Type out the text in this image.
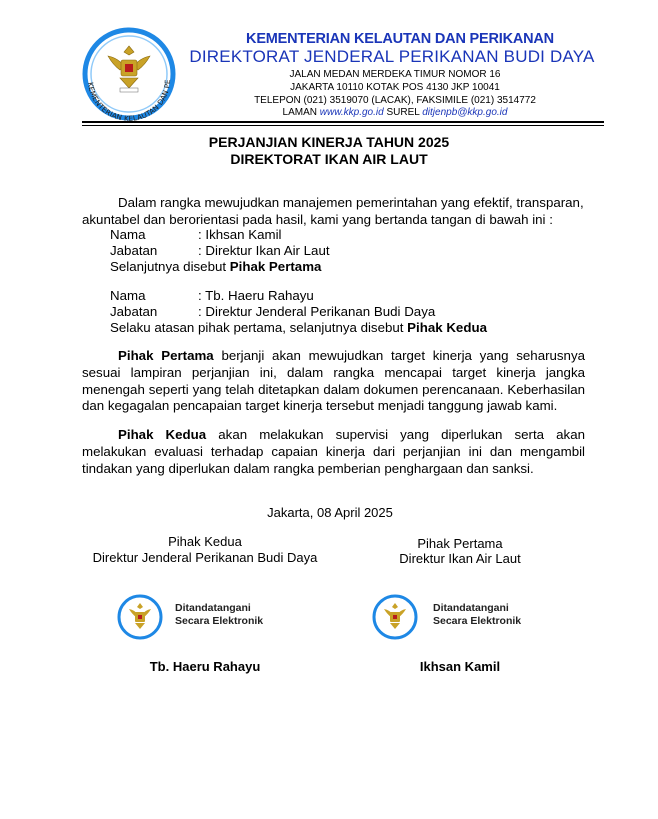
KEMENTERIAN KELAUTAN DAN PE
KEMENTERIAN KELAUTAN DAN PERIKANAN
DIREKTORAT JENDERAL PERIKANAN BUDI DAYA
JALAN MEDAN MERDEKA TIMUR NOMOR 16
JAKARTA 10110 KOTAK POS 4130 JKP 10041
TELEPON (021) 3519070 (LACAK), FAKSIMILE (021) 3514772
LAMAN www.kkp.go.id SUREL ditjenpb@kkp.go.id
PERJANJIAN KINERJA TAHUN 2025
DIREKTORAT IKAN AIR LAUT
Dalam rangka mewujudkan manajemen pemerintahan yang efektif, transparan,
akuntabel dan berorientasi pada hasil, kami yang bertanda tangan di bawah ini :
Nama	: Ikhsan Kamil
Jabatan	: Direktur Ikan Air Laut
Selanjutnya disebut Pihak Pertama
Nama	: Tb. Haeru Rahayu
Jabatan	: Direktur Jenderal Perikanan Budi Daya
Selaku atasan pihak pertama, selanjutnya disebut Pihak Kedua
Pihak Pertama berjanji akan mewujudkan target kinerja yang seharusnya sesuai lampiran perjanjian ini, dalam rangka mencapai target kinerja jangka menengah seperti yang telah ditetapkan dalam dokumen perencanaan. Keberhasilan dan kegagalan pencapaian target kinerja tersebut menjadi tanggung jawab kami.
Pihak Kedua akan melakukan supervisi yang diperlukan serta akan melakukan evaluasi terhadap capaian kinerja dari perjanjian ini dan mengambil tindakan yang diperlukan dalam rangka pemberian penghargaan dan sanksi.
Jakarta, 08 April 2025
Pihak Kedua
Direktur Jenderal Perikanan Budi Daya
Pihak Pertama
Direktur Ikan Air Laut
Ditandatangani
Secara Elektronik
Ditandatangani
Secara Elektronik
Tb. Haeru Rahayu	Ikhsan Kamil
